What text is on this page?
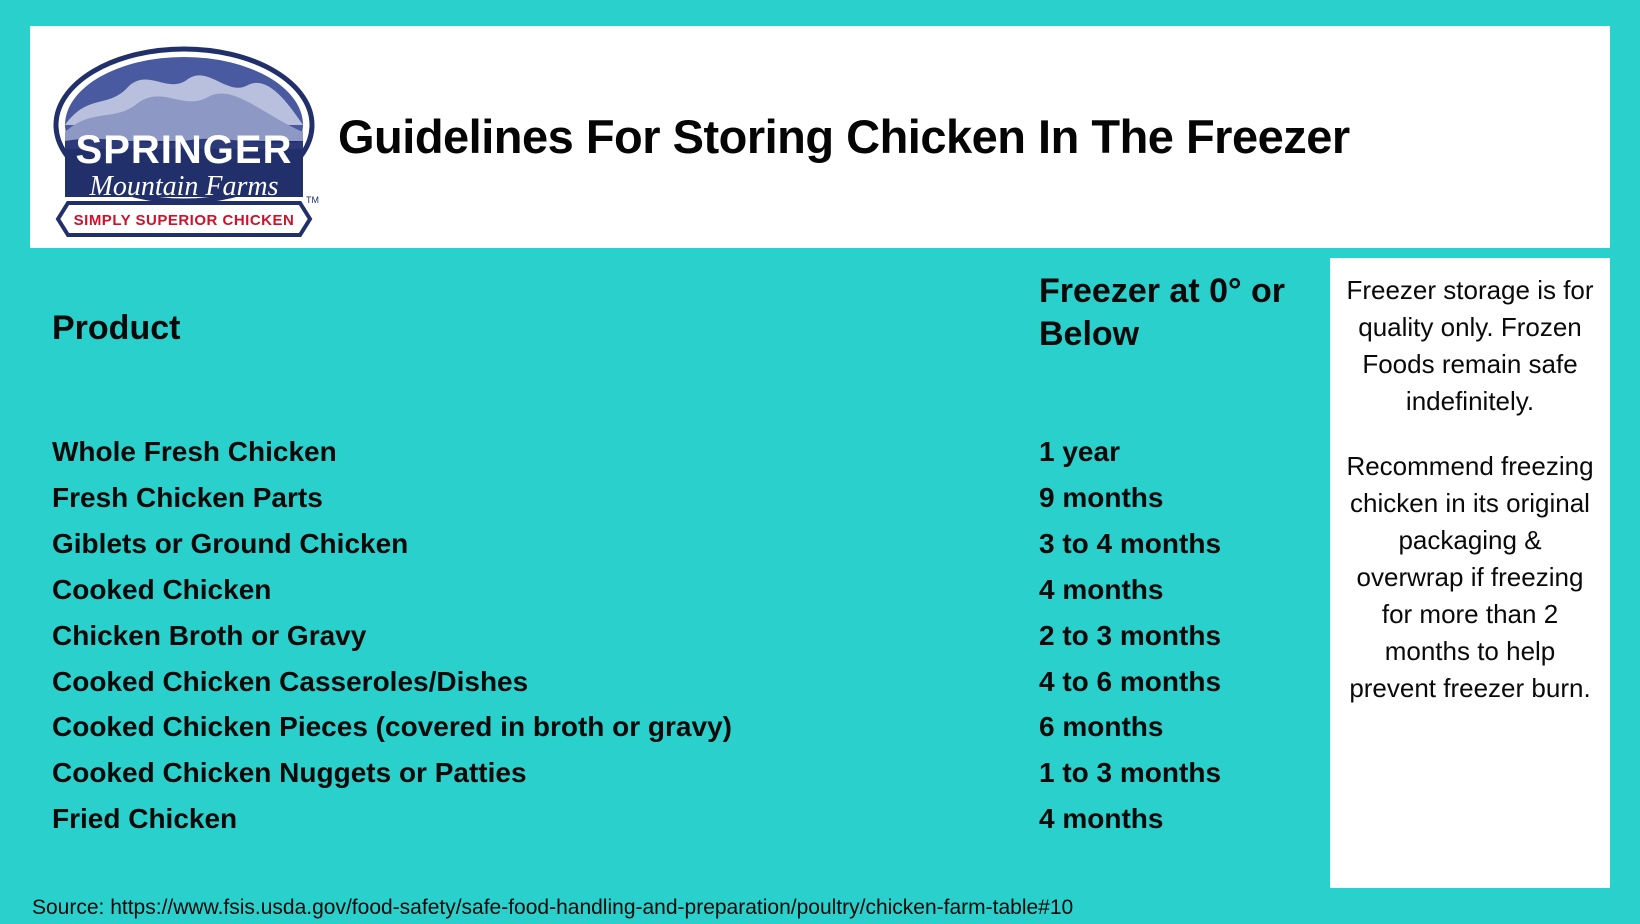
SPRINGER
Mountain Farms
SIMPLY SUPERIOR CHICKEN
TM
Guidelines For Storing Chicken In The Freezer
Product
Freezer at 0° or Below
Whole Fresh Chicken
Fresh Chicken Parts
Giblets or Ground Chicken
Cooked Chicken
Chicken Broth or Gravy
Cooked Chicken Casseroles/Dishes
Cooked Chicken Pieces (covered in broth or gravy)
Cooked Chicken Nuggets or Patties
Fried Chicken
1 year
9 months
3 to 4 months
4 months
2 to 3 months
4 to 6 months
6 months
1 to 3 months
4 months

Freezer storage is for quality only. Frozen Foods remain safe indefinitely.

Recommend freezing chicken in its original packaging & overwrap if freezing for more than 2 months to help prevent freezer burn.

Source: https://www.fsis.usda.gov/food-safety/safe-food-handling-and-preparation/poultry/chicken-farm-table#10
